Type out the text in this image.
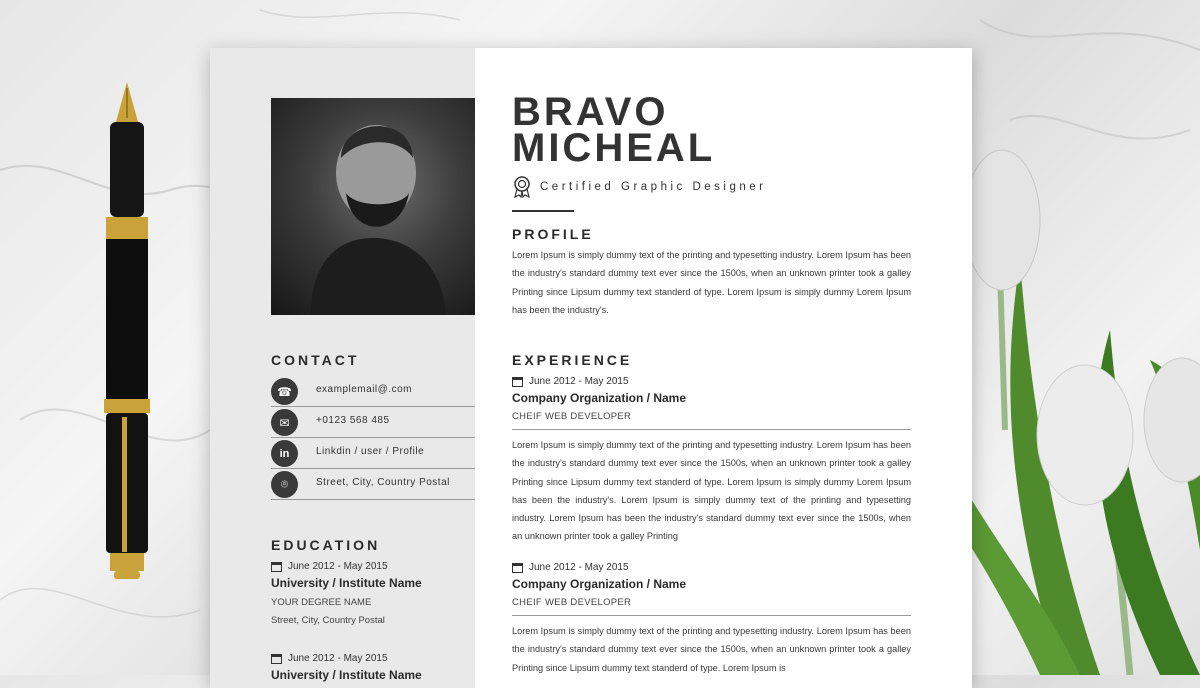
CONTACT
☎	examplemail@.com
✉	+0123 568 485
in	Linkdin / user / Profile
⌾	Street, City, Country Postal
EDUCATION
June 2012 - May 2015
University / Institute Name
YOUR DEGREE NAME
Street, City, Country Postal
June 2012 - May 2015
University / Institute Name
BRAVO
MICHEAL
Certified Graphic Designer
PROFILE
Lorem Ipsum is simply dummy text of the printing and typesetting industry. Lorem Ipsum has been the industry's standard dummy text ever since the 1500s, when an unknown printer took a galley Printing since Lipsum dummy text standerd of type. Lorem Ipsum is simply dummy Lorem Ipsum has been the industry's.
EXPERIENCE
June 2012 - May 2015
Company Organization / Name
CHEIF WEB DEVELOPER
Lorem Ipsum is simply dummy text of the printing and typesetting industry. Lorem Ipsum has been the industry's standard dummy text ever since the 1500s, when an unknown printer took a galley Printing since Lipsum dummy text standerd of type. Lorem Ipsum is simply dummy Lorem Ipsum has been the industry's. Lorem Ipsum is simply dummy text of the printing and typesetting industry. Lorem Ipsum has been the industry's standard dummy text ever since the 1500s, when an unknown printer took a galley Printing
June 2012 - May 2015
Company Organization / Name
CHEIF WEB DEVELOPER
Lorem Ipsum is simply dummy text of the printing and typesetting industry. Lorem Ipsum has been the industry's standard dummy text ever since the 1500s, when an unknown printer took a galley Printing since Lipsum dummy text standerd of type. Lorem Ipsum is
